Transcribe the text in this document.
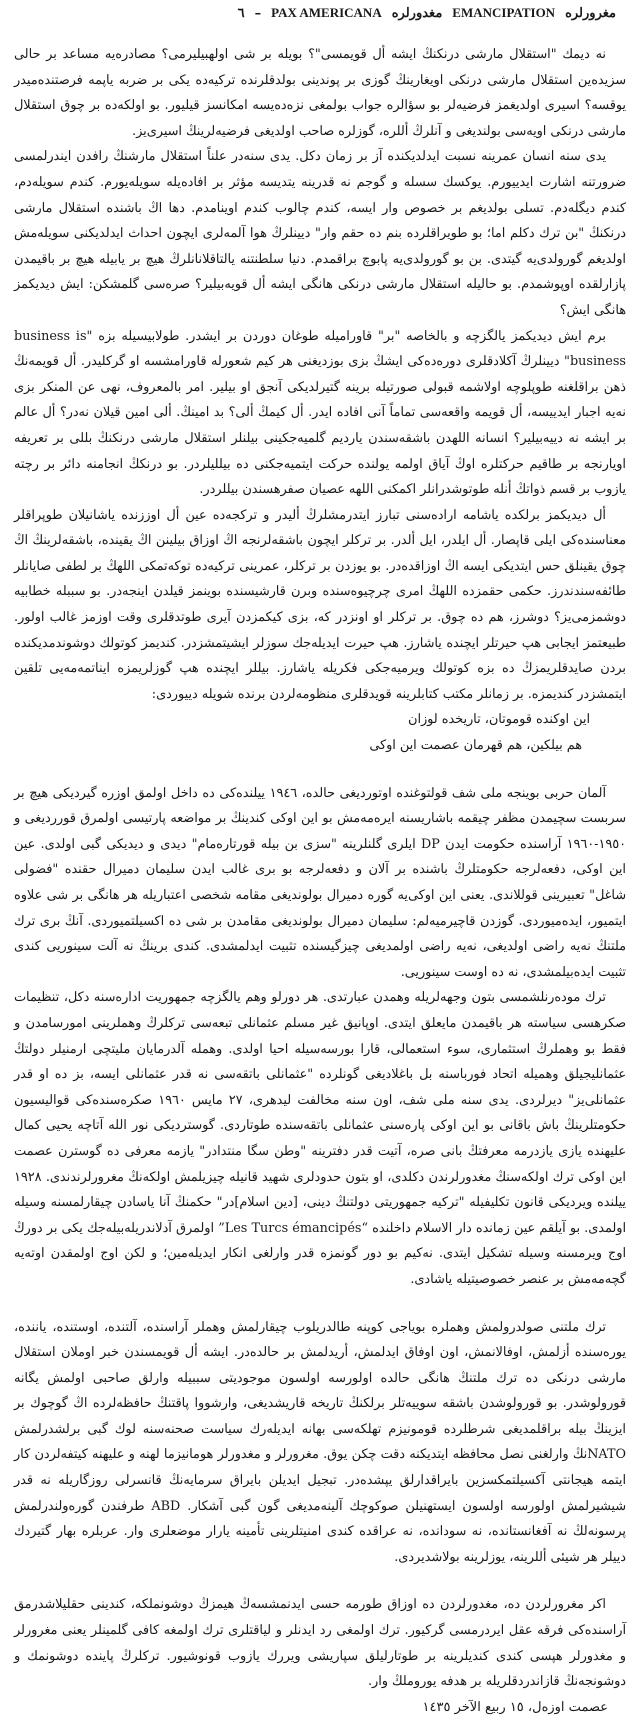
مغرورلره
EMANCIPATION
مغدورلره
PAX AMERICANA
–
٦

نه دیمك "استقلال مارشی درنكنڭ ایشه أل قویمسی"؟ بویله بر شی اولهبیلیرمی؟ مصادره‌یه مساعد بر حالی سزیده‌ین استقلال مارشی درنكی اویغارینڭ گوزی بر پوندینی بولدقلرنده ترکیه‌ده یكی بر ضربه یاپمه فرصتنده‌میدر یوقسه؟ اسیری اولدیغمز فرضیه‌لر بو سؤالره جواب بولمغی نزه‌ده‌یسه امکانسز قیلیور. بو اولکه‌ده بر چوق استقلال مارشی درنكی اویه‌سی بولندیغی و آنلرڭ أللره، گوزلره صاحب اولدیغی فرضیه‌لرینڭ اسیری‌یز.

یدی سنه انسان عمرینه نسبت ایدلدیكنده آز بر زمان دكل. یدی سنه‌در علناً استقلال مارشنڭ رافدن ایندرلمسی ضرورتنه اشارت ایدییورم. یوكسك سسله و گوجم نه قدرینه یتدیسه مؤثر بر افاده‌یله سویله‌یورم. کندم سویله‌دم، کندم دیگله‌دم. تسلی بولدیغم بر خصوص وار ایسه، کندم چالوب کندم اوینامدم. دها اڭ باشنده استقلال مارشی درنكنڭ "بن ترك دكلم اما؛ بو طویراقلرده بنم ده حقم وار" دیینلرڭ هوا آلمه‌لری ایچون احداث ایدلدیكنی سویله‌مش اولدیغم گورولدی‌یه گیتدی. بن بو گورولدی‌یه پابوچ براقمدم. دنیا سلطنتنه یالتاقلانانلرڭ هیچ بر یابیله هیچ بر باقیمدن پازارلقده اوپوشمدم. بو حالیله استقلال مارشی درنكی هانگی ایشه أل قویه‌بیلیر؟ صره‌سی گلمشكن: ایش دیدیكمز هانگی ایش؟

برم ایش دیدیكمز یالگزچه و بالخاصه "بر" قاوراميله طوغان دوردن بر ایشدر. طولابیسیله بزه "business is business" دیینلرڭ آكلادقلری دوره‌ده‌كی ایشڭ بزی بوزدیغنی هر كیم شعورله قاورامشسه او گركلیدر. أل قویمه‌نڭ ذهن براقلغنه طوپلوچه اولاشمه قبولی صورتیله برینه گتیرلدیكی آنجق او بیلیر. امر بالمعروف، نهی عن المنكر بزی نه‌یه اجبار ایدییسه، أل قویمه واقعه‌سی تماماً آنی افاده ایدر. أل كیمڭ ألی؟ بد امینڭ. ألی امین قیلان نه‌در؟ أل عالم بر ایشه نه دییه‌بیلیر؟ انسانه اللهدن باشقه‌سندن یاردیم گلمیه‌جكینی بیلنلر استقلال مارشی درنكنڭ بللی بر تعریفه اویارنجه بر طاقیم حركتلره اوڭ آیاق اولمه یولنده حركت ایتمیه‌جكنی ده بیللیلردر. بو درنكڭ انجامنه دائر بر رچته یازوب بر قسم ذواتڭ أنله طوتوشدرانلر اكمكنی اللهه عصیان صفرهسندن بیللردر.

أل دیدیكمز برلكده یاشامه اراده‌سنی تبارز ایتدرمشلرڭ أليدر و تركجه‌ده عین أل اوززنده یاشانیلان طوپراقلر معناسنده‌كی ایلی قاپصار. أل ایلدر، ایل ألدر. بر تركلر ایچون باشقه‌لرنجه اڭ اوزاق بیلینن اڭ یقینده، باشقه‌لرینڭ اڭ چوق یقینلق حس ایتدیكی ایسه اڭ اوزاقده‌در. بو یوزدن بر تركلر، عمرینی تركیه‌ده توكه‌تمكی اللهڭ بر لطفی صایانلر طائفه‌سندندرز. حكمی حقمزده اللهڭ امری چرچیوه‌سنده وبرن قارشیسنده بوینمز قیلدن اینجه‌در. بو سببله خطابیه دوشمزمی‌یز؟ دوشرز، هم ده چوق. بر تركلر او اونزدر كه، بزی كیكمزدن آیری طوتدقلری وقت اوزمز غالب اولور. طبیعتمز ایجابی هپ حیرتلر ایچنده یاشارز. هپ حیرت ایدیله‌جك سوزلر ایشیتمشزدر. كندیمز كوتولك دوشوندمدیكنده بردن صایدقلریمزڭ ده بزه كوتولك ویرمیه‌جكی فكریله یاشارز. بیللر ایچنده هپ گوزلریمزه ایناتمه‌مه‌یی تلقین ایتمشزدر كندیمزه. بر زمانلر مكتب كتابلرینه قویدقلری منظومه‌لردن برنده شویله دییوردی:

این اوكنده قوموتان، تاریخده لوزان
هم بیلكین، هم قهرمان عصمت این اوكی

آلمان حربی بوینجه ملی شف قولتوغنده اوتوردیغی حالده، ١٩٤٦ ییلنده‌كی ده داخل اولمق اوزره گیردیكی هیچ بر سربست سچیمدن مظفر چیقمه باشاریسنه ایره‌مه‌مش بو این اوكی كندینڭ بر مواضعه پارتیسی اولمرق قورردیغی و ١٩٥٠-١٩٦٠ آراسنده حكومت ایدن DP ایلری گلنلرینه "سزی بن بیله قورتاره‌مام" دیدی و دیدیكی گبی اولدی. عین این اوكی، دفعه‌لرجه حكومتلرڭ باشنده بر آلان و دفعه‌لرجه بو بری غالب ایدن سلیمان دمیرال حقنده "فضولی شاغل" تعبیرینی قوللاندی. یعنی این اوكی‌یه گوره دمیرال بولوندیغی مقامه شخصی اعتباریله هر هانگی بر شی علاوه ایتمیور، ایده‌میوردی. گوزدن قاچیرمیه‌لم: سلیمان دمیرال بولوندیغی مقامدن بر شی ده اكسیلتمیوردی. آنڭ بری ترك ملتنڭ نه‌یه راضی اولدیغی، نه‌یه راضی اولمدیغی چیزگیسنده تثبیت ایدلمشدی. كندی برینڭ نه آلت سینوریی كندی تثبیت ایده‌بیلمشدی، نه ده اوست سینوریی.

ترك موده‌رنلشمسی بتون وجهه‌لریله وهمدن عبارتدی. هر دورلو وهم یالگزچه جمهوریت اداره‌سنه دكل، تنظیمات صكرهسی سیاسته هر باقیمدن مایعلق ایتدی. اوپانیق غیر مسلم عثمانلی تبعه‌سی تركلرڭ وهملرینی امورسامدن و فقط بو وهملرڭ استثماری، سوء استعمالی، قارا بورسه‌سیله احیا اولدی. وهمله آلدرمایان ملیتچی ارمنیلر دولتڭ عثمانلیجیلق وهمیله اتحاد فورباسنه بل باغلادیغی گونلرده "عثمانلی باتقه‌سی نه قدر عثمانلی ایسه، بز ده او قدر عثمانلی‌یز" دیرلردی. یدی سنه ملی شف، اون سنه مخالفت لیدهری، ٢٧ مایس ١٩٦٠ صكره‌سنده‌كی قوالیسیون حكومتلرینڭ باش باقانی بو این اوكی پاره‌سنی عثمانلی باتقه‌سنده طوتاردی. گوستردیكی نور الله آتاچه یحیی كمال علیهنده یازی یازدرمه معرفتڭ بانی صره، آتیت قدر دفترینه "وطن سگا منتدادر" یازمه معرفی ده گوسترن عصمت این اوكی ترك اولكه‌سنڭ مغدورلرندن دكلدی، او بتون حدودلری شهید قانیله چیزیلمش اولكه‌نڭ مغرورلرندندی. ١٩٢٨ ییلنده ویردیكی قانون تكلیفیله "تركیه جمهوریتی دولتنڭ دینی، [دین اسلام]در" حكمنڭ آنا یاسادن چیقارلمسنه وسیله اولمدی. بو آیلقم عین زمانده دار الاسلام داخلنده “Les Turcs émancipés” اولمرق آدلاندریله‌بیله‌جك یكی بر دورڭ اوج ویرمسنه وسیله تشكیل ایتدی. نه‌كیم بو دور گونمزه قدر وارلغی انكار ایدیله‌مین؛ و لكن اوج اولمقدن اوته‌یه گچه‌مه‌مش بر عنصر خصوصیتیله یاشادی.

ترك ملتنی صولدرولمش وهملره بویاجی كوپنه طالدریلوب چیقارلمش وهملر آراسنده، آلتنده، اوستنده، یاننده، یوره‌سنده أزلمش، اوفالانمش، اون اوفاق ایدلمش، أریدلمش بر حالده‌در. ایشه أل قویمسندن خبر اوملان استقلال مارشی درنكی ده ترك ملتنڭ هانگی حالده اولورسه اولسون موجودیتی سببیله وارلق صاحبی اولمش یگانه قورولوشدر. بو قورولوشدن باشقه سوییه‌تلر برلكنڭ تاریخه قاریشدیغی، وارشووا پاقتنڭ حافظه‌لرده اڭ گوچوك بر ایزینڭ بیله براقلمدیغی شرطلرده قومونیزم تهلكه‌سی بهانه ایدیله‌رك سیاست صحنه‌سنه لوك گبی برلشدرلمش NATOنڭ وارلغنی نصل محافظه ایتدیكنه دقت چكن یوق. مغرورلر و مغدورلر هومانیزما لهنه و علیهنه كیتفه‌لردن كار ایتمه هیجانتی آكسیلتمكسزین بایراقدارلق یپشده‌در. تبجیل ایدیلن بایراق سرمایه‌نڭ قانسرلی روزگاریله نه قدر شیشیرلمش اولورسه اولسون ایستهنیلن صوكوچك آلینه‌مدیغی گون گبی آشكار. ABD طرفندن گوره‌ولندرلمش پرسونه‌لڭ نه آفغانستانده، نه سودانده، نه عراقده كندی امنیتلرینی تأمینه یارار موضعلری وار. عربلره بهار گتیردك دییلر هر شیئی أللرینه، یوزلرینه بولاشدیردی.

اكر مغرورلردن ده، مغدورلردن ده اوزاق طورمه حسی ایدنمشسه‌ڭ هیمزڭ دوشونملكه، كندینی حقلیلاشدرمق آراسنده‌كی فرقه عقل ایردرمسی گركیور. ترك اولمغی رد ایدنلر و لیاقتلری ترك اولمغه كافی گلمینلر یعنی مغرورلر و مغدورلر هپسی كندی كندیلرینه بر طوتارلیلق سپاریشی ویررك یازوب قونوشیور. تركلرڭ پاینده دوشونمك و دوشونجه‌نڭ قازاندردقلریله بر هدفه یوروملڭ وار.

عصمت اوزەل، ١٥ ربیع الآخر ١٤٣٥
